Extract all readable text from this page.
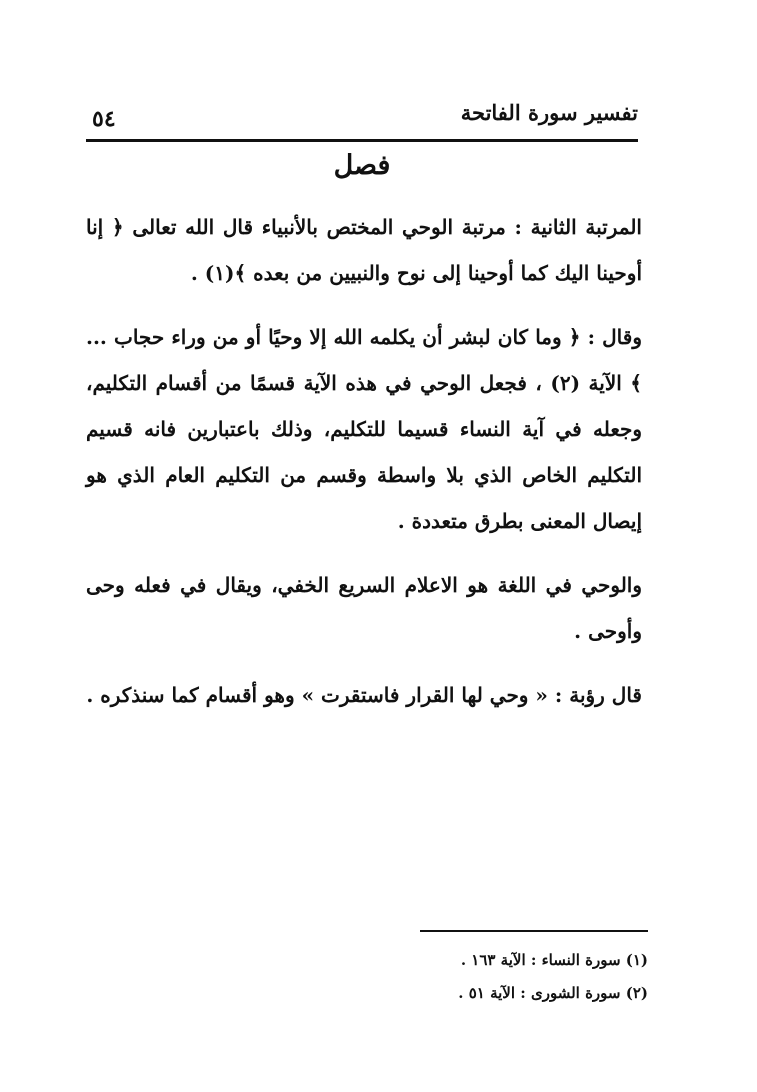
٥٤	تفسير سورة الفاتحة
فصل

المرتبة الثانية : مرتبة الوحي المختص بالأنبياء قال الله تعالى ﴿ إنا أوحينا اليك كما أوحينا إلى نوح والنبيين من بعده ﴾(١) .

وقال : ﴿ وما كان لبشر أن يكلمه الله إلا وحيًا أو من وراء حجاب ... ﴾ الآية (٢) ، فجعل الوحي في هذه الآية قسمًا من أقسام التكليم، وجعله في آية النساء قسيما للتكليم، وذلك باعتبارين فانه قسيم التكليم الخاص الذي بلا واسطة وقسم من التكليم العام الذي هو إيصال المعنى بطرق متعددة .

والوحي في اللغة هو الاعلام السريع الخفي، ويقال في فعله وحى وأوحى .

قال رؤبة : « وحي لها القرار فاستقرت » وهو أقسام كما سنذكره .

(١) سورة النساء : الآية ١٦٣ .
(٢) سورة الشورى : الآية ٥١ .
